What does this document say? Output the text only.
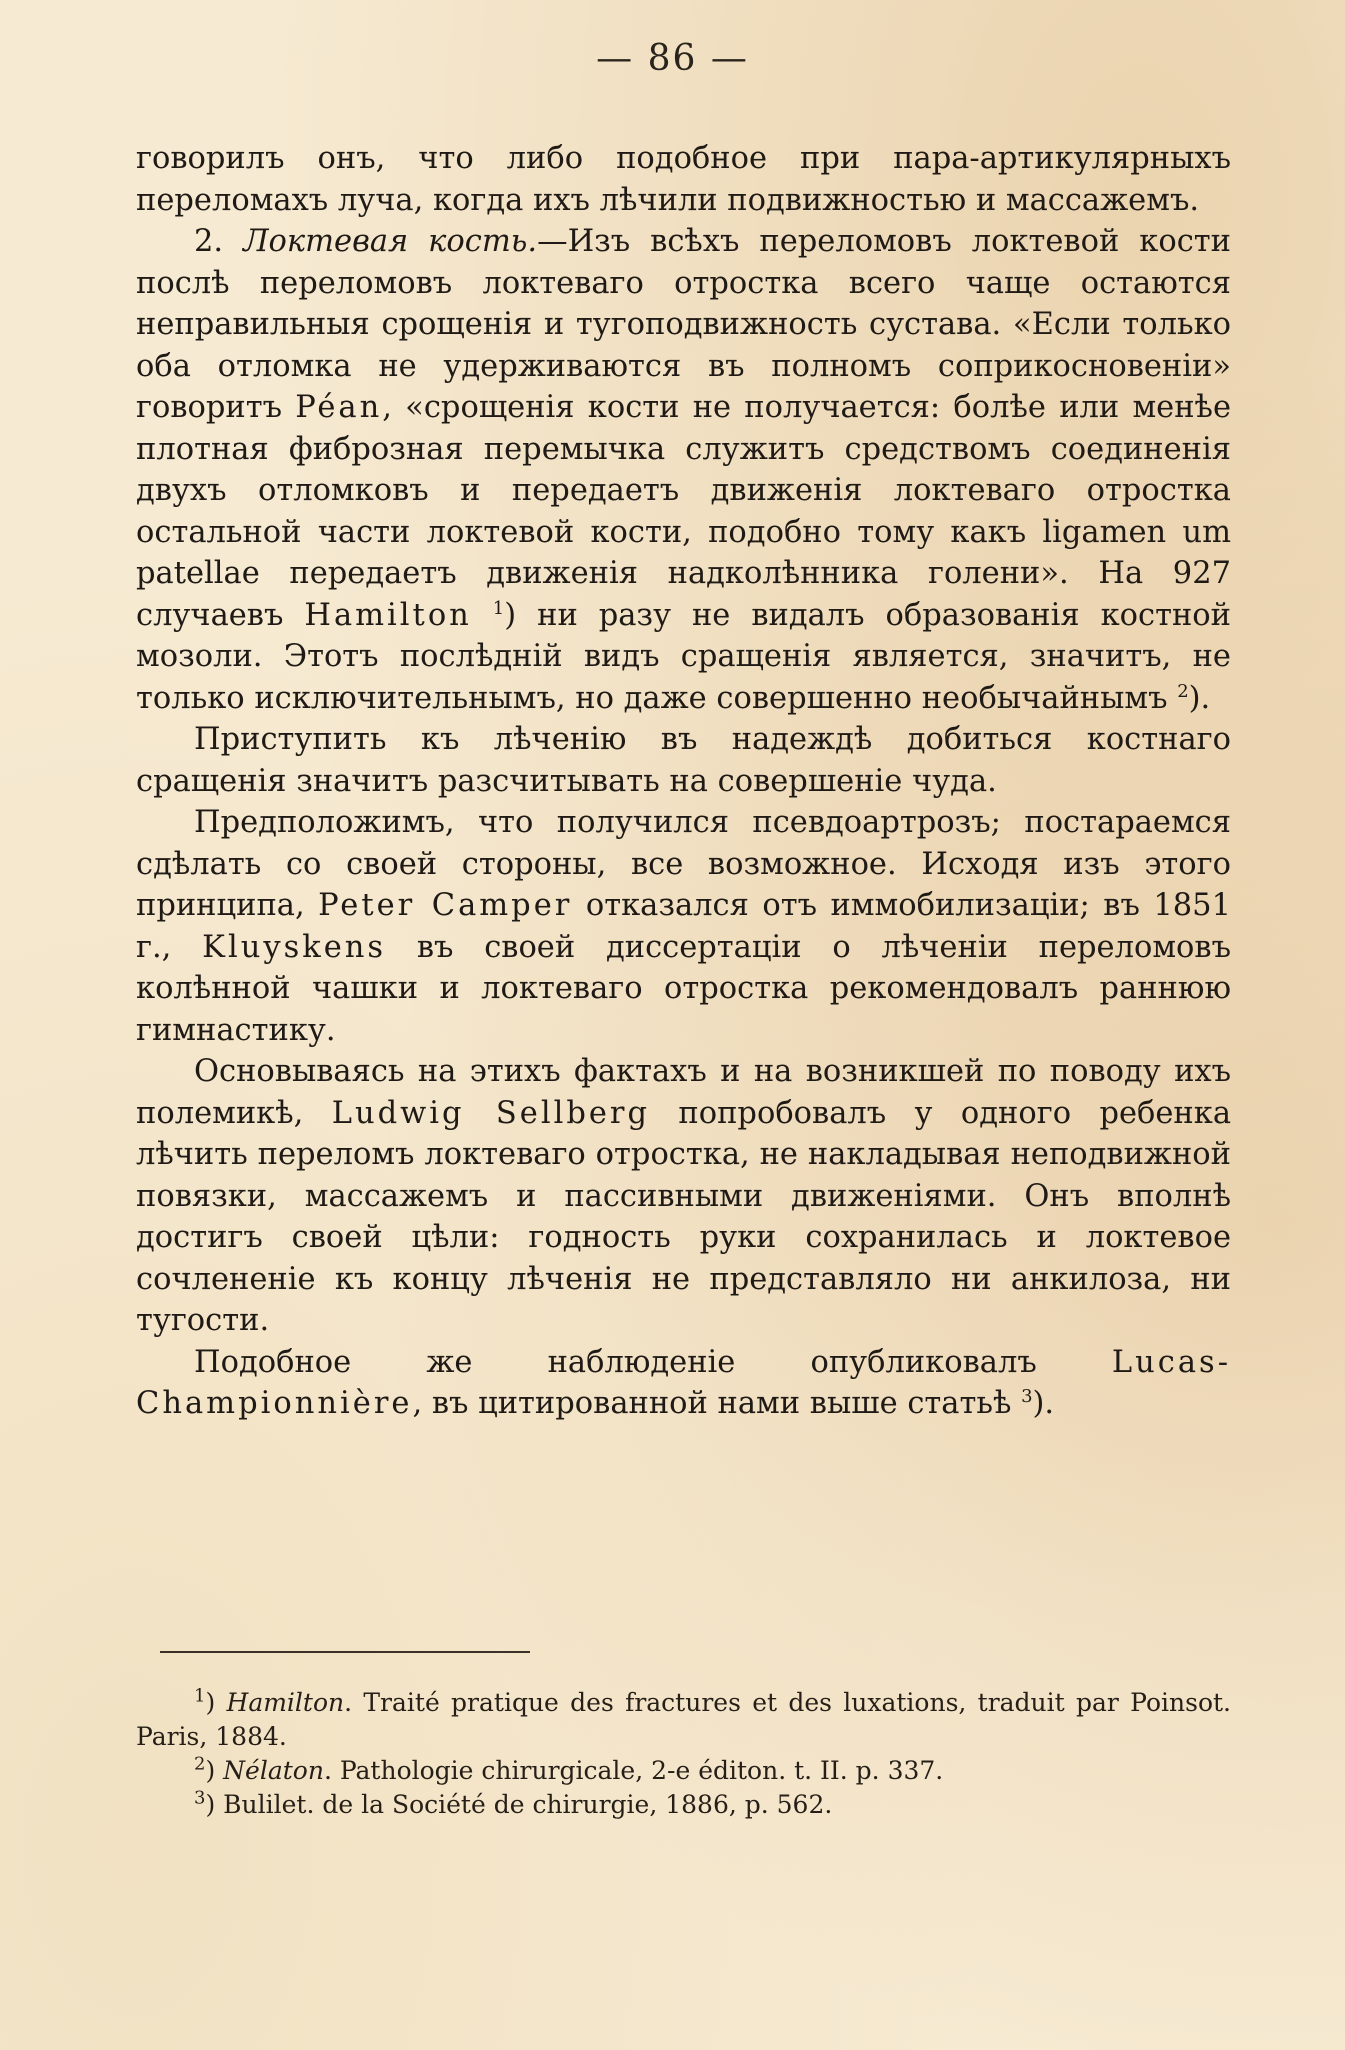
— 86 —

говорилъ онъ, что либо подобное при пара-артикулярныхъ переломахъ луча, когда ихъ лѣчили подвижностью и массажемъ.

2. Локтевая кость.—Изъ всѣхъ переломовъ локтевой кости послѣ переломовъ локтеваго отростка всего чаще остаются неправильныя срощенія и тугоподвижность сустава. «Если только оба отломка не удерживаются въ полномъ соприкосновеніи» говоритъ Péan, «срощенія кости не получается: болѣе или менѣе плотная фиброзная перемычка служитъ средствомъ соединенія двухъ отломковъ и передаетъ движенія локтеваго отростка остальной части локтевой кости, подобно тому какъ ligamen um patellae передаетъ движенія надколѣнника голени». На 927 случаевъ Hamilton $^1$) ни разу не видалъ образованія костной мозоли. Этотъ послѣдній видъ сращенія является, значитъ, не только исключительнымъ, но даже совершенно необычайнымъ $^2$).

Приступить къ лѣченію въ надеждѣ добиться костнаго сращенія значитъ разсчитывать на совершеніе чуда.

Предположимъ, что получился псевдоартрозъ; постараемся сдѣлать со своей стороны, все возможное. Исходя изъ этого принципа, Peter Camper отказался отъ иммобилизаціи; въ 1851 г., Kluyskens въ своей диссертаціи о лѣченіи переломовъ колѣнной чашки и локтеваго отростка рекомендовалъ раннюю гимнастику.

Основываясь на этихъ фактахъ и на возникшей по поводу ихъ полемикѣ, Ludwig Sellberg попробовалъ у одного ребенка лѣчить переломъ локтеваго отростка, не накладывая неподвижной повязки, массажемъ и пассивными движеніями. Онъ вполнѣ достигъ своей цѣли: годность руки сохранилась и локтевое сочлененіе къ концу лѣченія не представляло ни анкилоза, ни тугости.

Подобное же наблюденіе опубликовалъ Lucas-Championnière, въ цитированной нами выше статьѣ $^3$).

$^1$) Hamilton. Traité pratique des fractures et des luxations, traduit par Poinsot. Paris, 1884.

$^2$) Nélaton. Pathologie chirurgicale, 2-e éditon. t. II. p. 337.

$^3$) Bulilet. de la Société de chirurgie, 1886, p. 562.
